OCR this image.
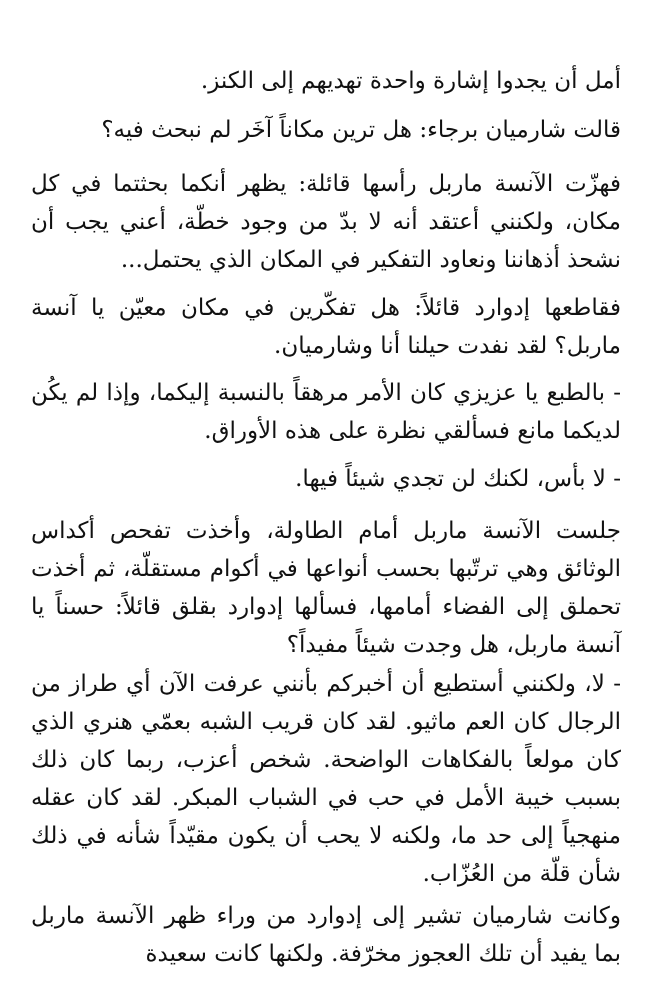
أمل أن يجدوا إشارة واحدة تهديهم إلى الكنز.

قالت شارميان برجاء: هل ترين مكاناً آخَر لم نبحث فيه؟

فهزّت الآنسة ماربل رأسها قائلة: يظهر أنكما بحثتما في كل مكان، ولكنني أعتقد أنه لا بدّ من وجود خطّة، أعني يجب أن نشحذ أذهاننا ونعاود التفكير في المكان الذي يحتمل...

فقاطعها إدوارد قائلاً: هل تفكّرين في مكان معيّن يا آنسة ماربل؟ لقد نفدت حيلنا أنا وشارميان.

- بالطبع يا عزيزي كان الأمر مرهقاً بالنسبة إليكما، وإذا لم يكُن لديكما مانع فسألقي نظرة على هذه الأوراق.

- لا بأس، لكنك لن تجدي شيئاً فيها.

جلست الآنسة ماربل أمام الطاولة، وأخذت تفحص أكداس الوثائق وهي ترتّبها بحسب أنواعها في أكوام مستقلّة، ثم أخذت تحملق إلى الفضاء أمامها، فسألها إدوارد بقلق قائلاً: حسناً يا آنسة ماربل، هل وجدت شيئاً مفيداً؟

- لا، ولكنني أستطيع أن أخبركم بأنني عرفت الآن أي طراز من الرجال كان العم ماثيو. لقد كان قريب الشبه بعمّي هنري الذي كان مولعاً بالفكاهات الواضحة. شخص أعزب، ربما كان ذلك بسبب خيبة الأمل في حب في الشباب المبكر. لقد كان عقله منهجياً إلى حد ما، ولكنه لا يحب أن يكون مقيّداً شأنه في ذلك شأن قلّة من العُزّاب.

وكانت شارميان تشير إلى إدوارد من وراء ظهر الآنسة ماربل بما يفيد أن تلك العجوز مخرّفة. ولكنها كانت سعيدة
